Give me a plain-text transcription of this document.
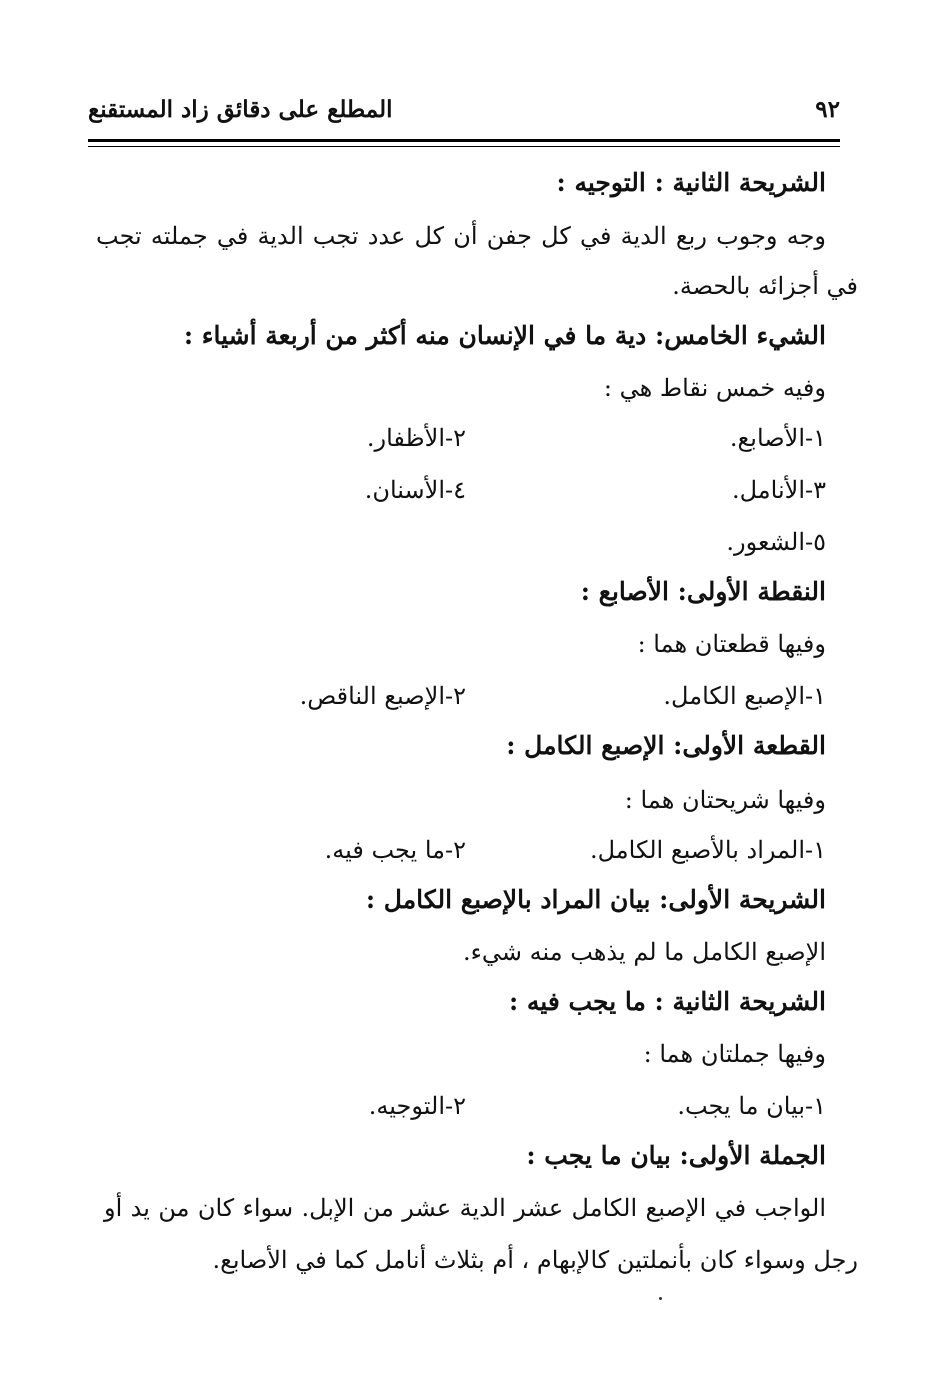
٩٢
المطلع على دقائق زاد المستقنع
الشريحة الثانية : التوجيه :
وجه وجوب ربع الدية في كل جفن أن كل عدد تجب الدية في جملته تجب
في أجزائه بالحصة.
الشيء الخامس: دية ما في الإنسان منه أكثر من أربعة أشياء :
وفيه خمس نقاط هي :
١-الأصابع.
٢-الأظفار.
٣-الأنامل.
٤-الأسنان.
٥-الشعور.
النقطة الأولى: الأصابع :
وفيها قطعتان هما :
١-الإصبع الكامل.
٢-الإصبع الناقص.
القطعة الأولى: الإصبع الكامل :
وفيها شريحتان هما :
١-المراد بالأصبع الكامل.
٢-ما يجب فيه.
الشريحة الأولى: بيان المراد بالإصبع الكامل :
الإصبع الكامل ما لم يذهب منه شيء.
الشريحة الثانية : ما يجب فيه :
وفيها جملتان هما :
١-بيان ما يجب.
٢-التوجيه.
الجملة الأولى: بيان ما يجب :
الواجب في الإصبع الكامل عشر الدية عشر من الإبل. سواء كان من يد أو
رجل وسواء كان بأنملتين كالإبهام ، أم بثلاث أنامل كما في الأصابع.
